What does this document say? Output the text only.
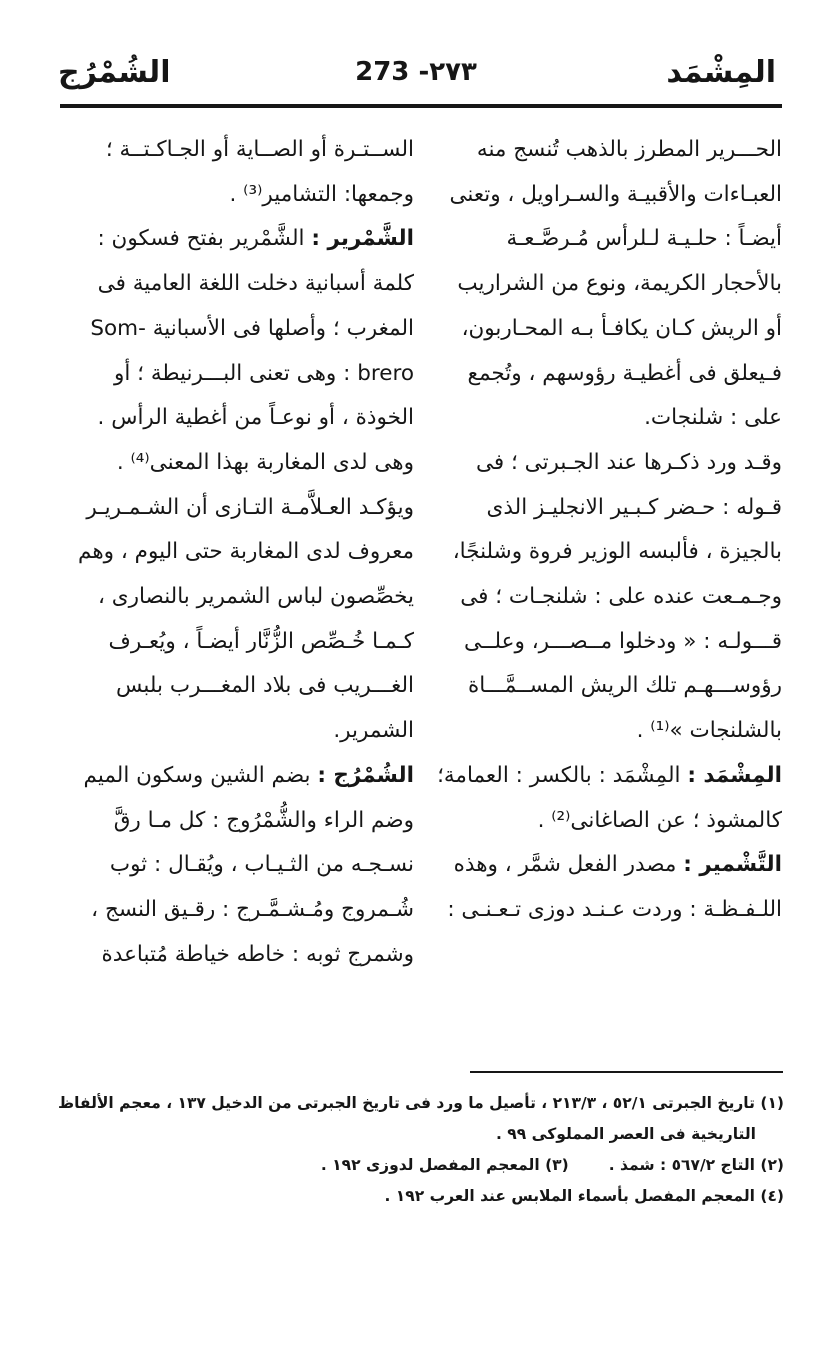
المِشْمَد
273 -٢٧٣
الشُمْرُج

الحـــرير المطرز بالذهب تُنسج منه

العبـاءات والأقبيـة والسـراويل ، وتعنى

أيضـاً : حلـيـة لـلرأس مُـرصَّـعـة

بالأحجار الكريمة، ونوع من الشراريب

أو الريش كـان يكافـأ بـه المحـاربون،

فـيعلق فى أغطيـة رؤوسهم ، وتُجمع

على : شلنجات.

وقـد ورد ذكـرها عند الجـبرتى ؛ فى

قـوله : حـضر كـبـير الانجليـز الذى

بالجيزة ، فألبسه الوزير فروة وشلنجًا،

وجـمـعت عنده على : شلنجـات ؛ فى

قـــولـه : « ودخلوا مــصـــر، وعلــى

رؤوســـهـم تلك الريش المســمَّـــاة

بالشلنجات »⁽¹⁾ .

المِشْمَد : المِشْمَد : بالكسر : العمامة؛

كالمشوذ ؛ عن الصاغانى⁽²⁾ .

التَّشْمير : مصدر الفعل شمَّر ، وهذه

اللـفـظـة : وردت عـنـد دوزى تـعـنـى :

الســتـرة أو الصــاية أو الجـاكـتــة ؛

وجمعها: التشامير⁽³⁾ .

الشَّمْرير : الشَّمْرير بفتح فسكون :

كلمة أسبانية دخلت اللغة العامية فى

المغرب ؛ وأصلها فى الأسبانية -Som

brero : وهى تعنى البـــرنيطة ؛ أو

الخوذة ، أو نوعـاً من أغطية الرأس .

وهى لدى المغاربة بهذا المعنى⁽⁴⁾ .

ويؤكـد العـلاَّمـة التـازى أن الشـمـريـر

معروف لدى المغاربة حتى اليوم ، وهم

يخصِّصون لباس الشمرير بالنصارى ،

كـمـا خُـصِّص الزُّنَّار أيضـاً ، ويُعـرف

الغـــريب فى بلاد المغـــرب بلبس

الشمرير.

الشُمْرُج : بضم الشين وسكون الميم

وضم الراء والشُّمْرُوج : كل مـا رقَّ

نسـجـه من الثـيـاب ، ويُقـال : ثوب

شُـمروج ومُـشـمَّـرج : رقـيق النسج ،

وشمرج ثوبه : خاطه خياطة مُتباعدة

(١) تاريخ الجبرتى ٥٢/١ ، ٢١٣/٣ ، تأصيل ما ورد فى تاريخ الجبرتى من الدخيل ١٣٧ ، معجم الألفاظ
التاريخية فى العصر المملوكى ٩٩ .
(٢) التاج ٥٦٧/٢ : شمذ .
(٣) المعجم المفصل لدوزى ١٩٢ .
(٤) المعجم المفصل بأسماء الملابس عند العرب ١٩٢ .
